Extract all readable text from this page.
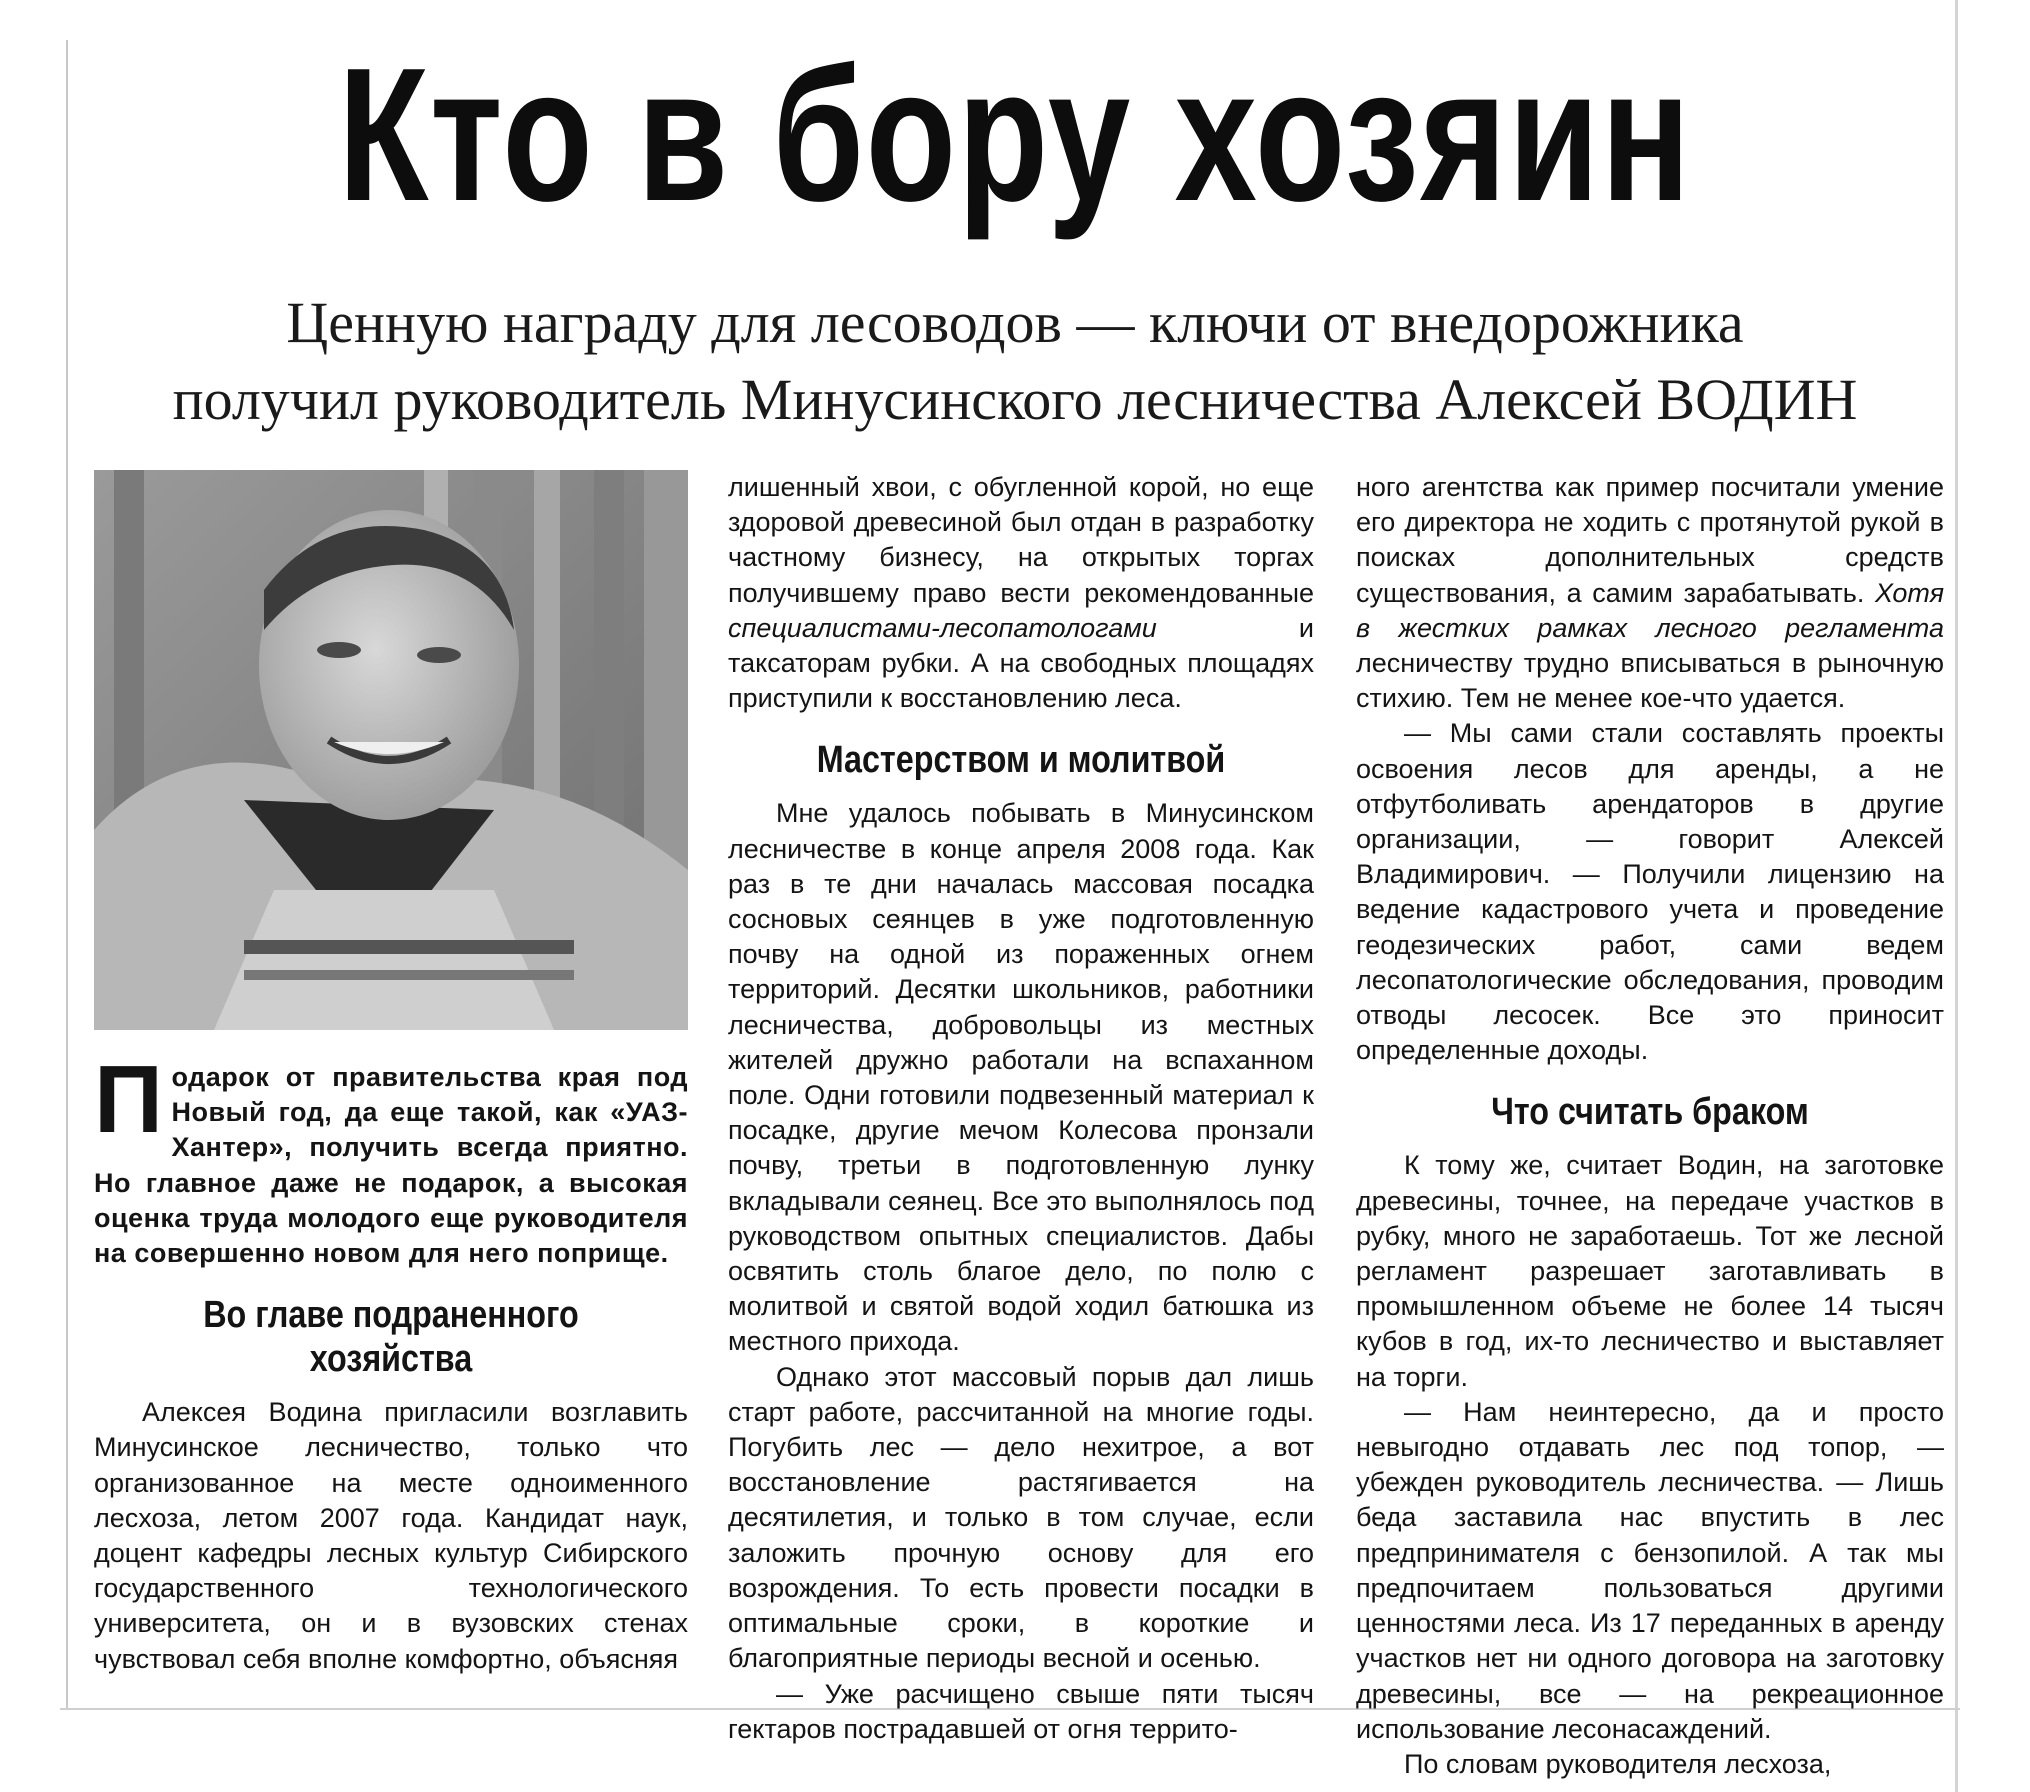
Кто в бору хозяин
Ценную награду для лесоводов — ключи от внедорожника
получил руководитель Минусинского лесничества Алексей ВОДИН

Подарок от правительства края под Новый год, да еще такой, как «УАЗ-Хантер», получить всегда приятно. Но главное даже не подарок, а высокая оценка труда молодого еще руководителя на совершенно новом для него поприще.

Во главе подраненного хозяйства

Алексея Водина пригласили возглавить Минусинское лесничество, только что организованное на месте одноименного лесхоза, летом 2007 года. Кандидат наук, доцент кафедры лесных культур Сибирского государственного технологического университета, он и в вузовских стенах чувствовал себя вполне комфортно, объясняя

лишенный хвои, с обугленной корой, но еще здоровой древесиной был отдан в разработку частному бизнесу, на открытых торгах получившему право вести рекомендованные специалистами-лесопатологами и таксаторам рубки. А на свободных площадях приступили к восстановлению леса.

Мастерством и молитвой

Мне удалось побывать в Минусинском лесничестве в конце апреля 2008 года. Как раз в те дни началась массовая посадка сосновых сеянцев в уже подготовленную почву на одной из пораженных огнем территорий. Десятки школьников, работники лесничества, добровольцы из местных жителей дружно работали на вспаханном поле. Одни готовили подвезенный материал к посадке, другие мечом Колесова пронзали почву, третьи в подготовленную лунку вкладывали сеянец. Все это выполнялось под руководством опытных специалистов. Дабы освятить столь благое дело, по полю с молитвой и святой водой ходил батюшка из местного прихода.

Однако этот массовый порыв дал лишь старт работе, рассчитанной на многие годы. Погубить лес — дело нехитрое, а вот восстановление растягивается на десятилетия, и только в том случае, если заложить прочную основу для его возрождения. То есть провести посадки в оптимальные сроки, в короткие и благоприятные периоды весной и осенью.

— Уже расчищено свыше пяти тысяч гектаров пострадавшей от огня террито-

ного агентства как пример посчитали умение его директора не ходить с протянутой рукой в поисках дополнительных средств существования, а самим зарабатывать. Хотя в жестких рамках лесного регламента лесничеству трудно вписываться в рыночную стихию. Тем не менее кое-что удается.

— Мы сами стали составлять проекты освоения лесов для аренды, а не отфутболивать арендаторов в другие организации, — говорит Алексей Владимирович. — Получили лицензию на ведение кадастрового учета и проведение геодезических работ, сами ведем лесопатологические обследования, проводим отводы лесосек. Все это приносит определенные доходы.

Что считать браком

К тому же, считает Водин, на заготовке древесины, точнее, на передаче участков в рубку, много не заработаешь. Тот же лесной регламент разрешает заготавливать в промышленном объеме не более 14 тысяч кубов в год, их-то лесничество и выставляет на торги.

— Нам неинтересно, да и просто невыгодно отдавать лес под топор, — убежден руководитель лесничества. — Лишь беда заставила нас впустить в лес предпринимателя с бензопилой. А так мы предпочитаем пользоваться другими ценностями леса. Из 17 переданных в аренду участков нет ни одного договора на заготовку древесины, все — на рекреационное использование лесонасаждений.

По словам руководителя лесхоза,
